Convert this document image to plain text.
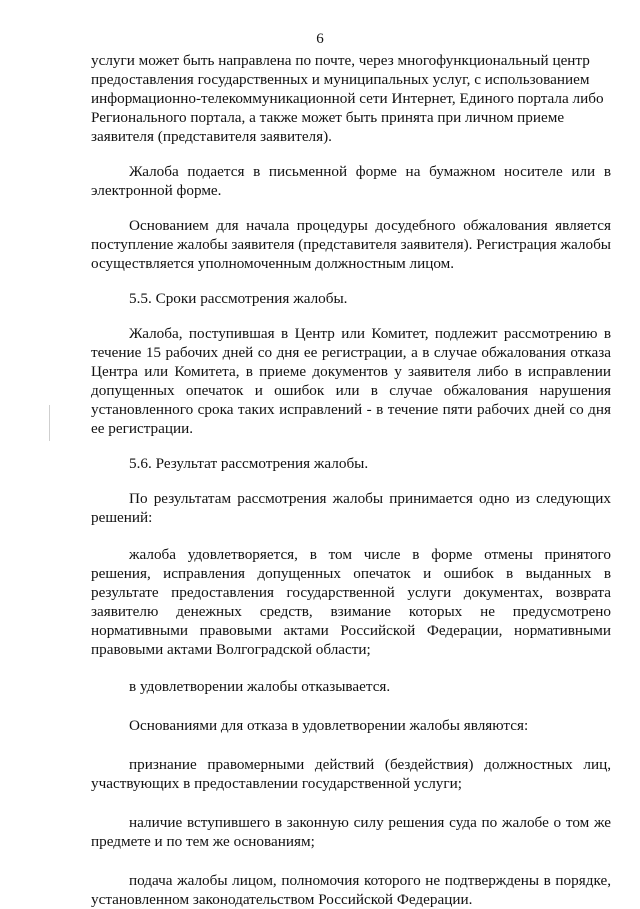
6

услуги может быть направлена по почте, через многофункциональный центр предоставления государственных и муниципальных услуг, с использованием информационно-телекоммуникационной сети Интернет, Единого портала либо Регионального портала, а также может быть принята при личном приеме заявителя (представителя заявителя).

Жалоба подается в письменной форме на бумажном носителе или в электронной форме.

Основанием для начала процедуры досудебного обжалования является поступление жалобы заявителя (представителя заявителя). Регистрация жалобы осуществляется уполномоченным должностным лицом.

5.5. Сроки рассмотрения жалобы.

Жалоба, поступившая в Центр или Комитет, подлежит рассмотрению в течение 15 рабочих дней со дня ее регистрации, а в случае обжалования отказа Центра или Комитета, в приеме документов у заявителя либо в исправлении допущенных опечаток и ошибок или в случае обжалования нарушения установленного срока таких исправлений - в течение пяти рабочих дней со дня ее регистрации.

5.6. Результат рассмотрения жалобы.

По результатам рассмотрения жалобы принимается одно из следующих решений:

жалоба удовлетворяется, в том числе в форме отмены принятого решения, исправления допущенных опечаток и ошибок в выданных в результате предоставления государственной услуги документах, возврата заявителю денежных средств, взимание которых не предусмотрено нормативными правовыми актами Российской Федерации, нормативными правовыми актами Волгоградской области;

в удовлетворении жалобы отказывается.

Основаниями для отказа в удовлетворении жалобы являются:

признание правомерными действий (бездействия) должностных лиц, участвующих в предоставлении государственной услуги;

наличие вступившего в законную силу решения суда по жалобе о том же предмете и по тем же основаниям;

подача жалобы лицом, полномочия которого не подтверждены в порядке, установленном законодательством Российской Федерации.
